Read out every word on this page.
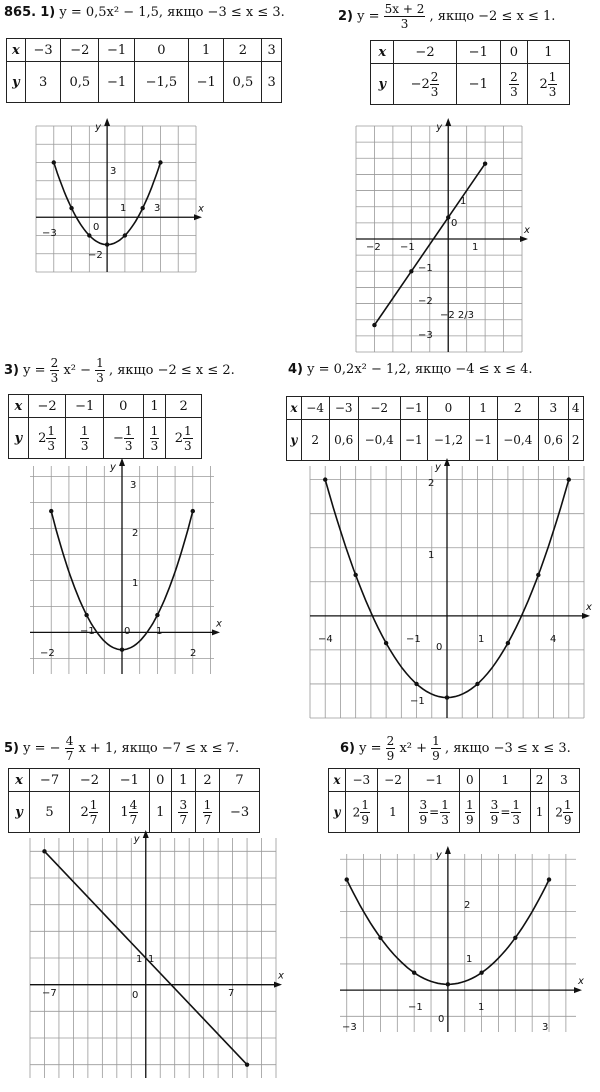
865. 1) y = 0,5x² − 1,5, якщо −3 ≤ x ≤ 3.
x	−3	−2	−1	0	1	2	3
y	3	0,5	−1	−1,5	−1	0,5	3
2) $y = \frac{5x + 2}{3}$ , якщо −2 ≤ x ≤ 1.
x	−2	−1	0	1
y	$-2 \frac{2}{3}$	−1	$\frac{2}{3}$	$2 \frac{1}{3}$
3) $y = \frac{2}{3} x^2 - \frac{1}{3}$ , якщо −2 ≤ x ≤ 2.
x	−2	−1	0	1	2
y	$2 \frac{1}{3}$	$\frac{1}{3}$	− $\frac{1}{3}$	$\frac{1}{3}$	$2 \frac{1}{3}$
4) y = 0,2x² − 1,2, якщо −4 ≤ x ≤ 4.
x	−4	−3	−2	−1	0	1	2	3	4
y	2	0,6	−0,4	−1	−1,2	−1	−0,4	0,6	2
5) y = − $\frac{4}{7}$ x + 1, якщо −7 ≤ x ≤ 7.
x	−7	−2	−1	0	1	2	7
y	5	$2 \frac{1}{7}$	$1 \frac{4}{7}$	1	$\frac{3}{7}$	$\frac{1}{7}$	−3
6) $y = \frac{2}{9} x^2 + \frac{1}{9}$ , якщо −3 ≤ x ≤ 3.
x	−3	−2	−1	0	1	2	3
y	$2 \frac{1}{9}$	1	$\frac{3}{9} = \frac{1}{3}$	$\frac{1}{9}$	$\frac{3}{9} = \frac{1}{3}$	1	$2 \frac{1}{9}$
x
y
−3
1	3
3
−2
0	x
y
−2 −1
0
1
1
−1
−2
−3
−2 2/3
x
y
−2
−1	0	1
2
1
2
3
x
y
−4	−1
0
1	4
1
2
−1
x
y
−7	0
1
7
1
x
y
−3
−1
0
1
3
1
2
